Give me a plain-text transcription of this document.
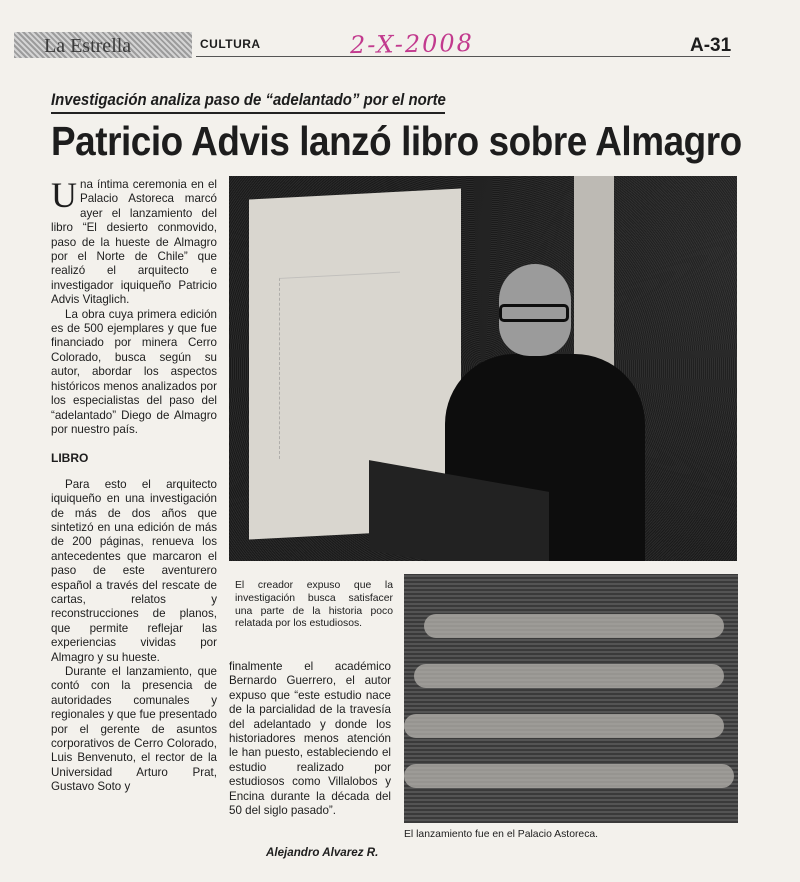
La Estrella	CULTURA	2-X-2008	A-31
Investigación analiza paso de “adelantado” por el norte
Patricio Advis lanzó libro sobre Almagro

Una íntima ceremonia en el Palacio Astoreca marcó ayer el lanzamiento del libro “El desierto conmovido, paso de la hueste de Almagro por el Norte de Chile” que realizó el arquitecto e investigador iquiqueño Patricio Advis Vitaglich.

La obra cuya primera edición es de 500 ejemplares y que fue financiado por minera Cerro Colorado, busca según su autor, abordar los aspectos históricos menos analizados por los especialistas del paso del “adelantado” Diego de Almagro por nuestro país.

LIBRO

Para esto el arquitecto iquiqueño en una investigación de más de dos años que sintetizó en una edición de más de 200 páginas, renueva los antecedentes que marcaron el paso de este aventurero español a través del rescate de cartas, relatos y reconstrucciones de planos, que permite reflejar las experiencias vividas por Almagro y su hueste.

Durante el lanzamiento, que contó con la presencia de autoridades comunales y regionales y que fue presentado por el gerente de asuntos corporativos de Cerro Colorado, Luis Benvenuto, el rector de la Universidad Arturo Prat, Gustavo Soto y

El creador expuso que la investigación busca satisfacer una parte de la historia poco relatada por los estudiosos.

finalmente el académico Bernardo Guerrero, el autor expuso que “este estudio nace de la parcialidad de la travesía del adelantado y donde los historiadores menos atención le han puesto, estableciendo el estudio realizado por estudiosos como Villalobos y Encina durante la década del 50 del siglo pasado”.

Alejandro Alvarez R.
El lanzamiento fue en el Palacio Astoreca.
